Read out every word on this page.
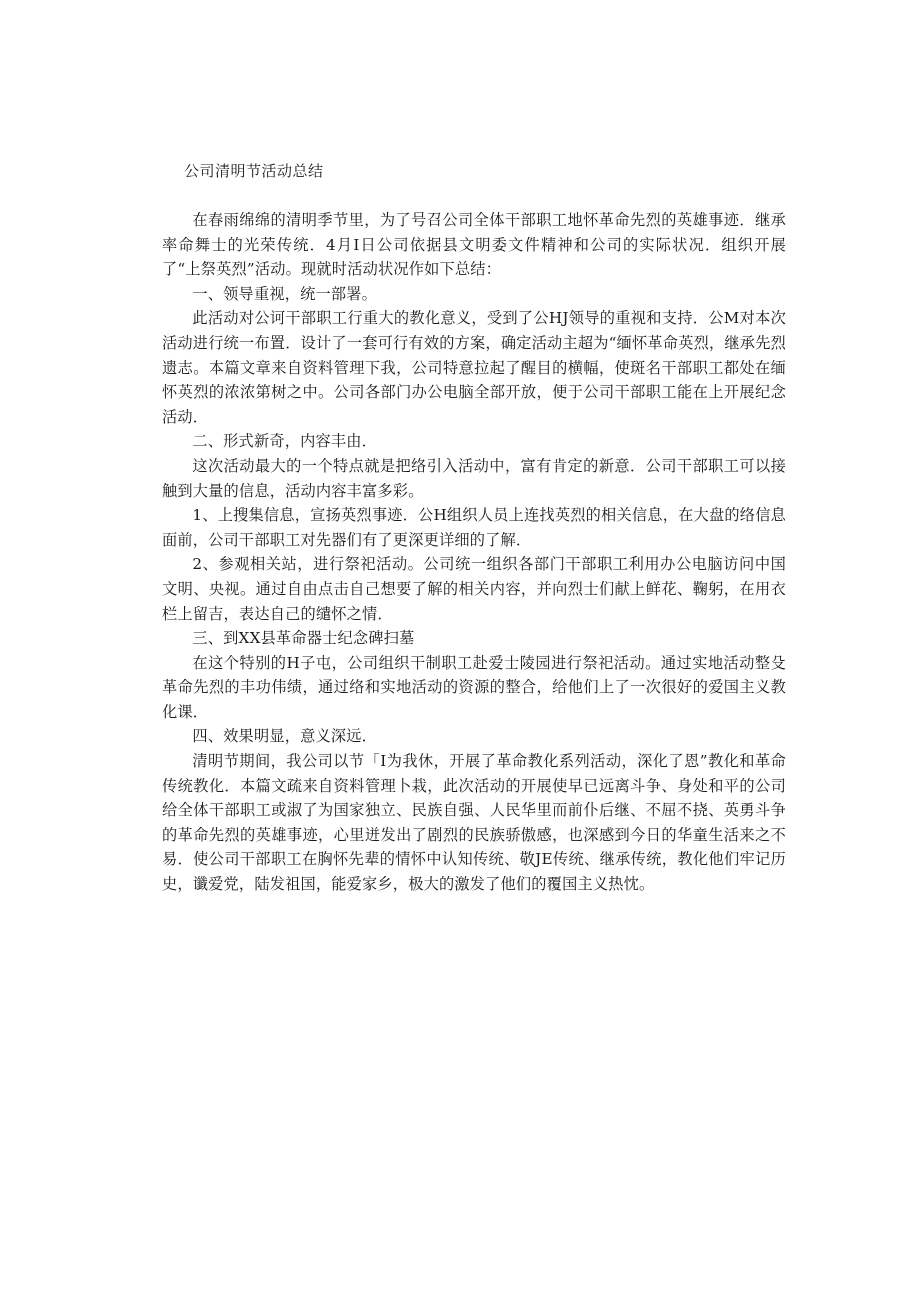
公司清明节活动总结

在春雨绵绵的清明季节里，为了号召公司全体干部职工地怀革命先烈的英雄事迹．继承率命舞士的光荣传统．4月I日公司依据县文明委文件精神和公司的实际状况．组织开展了“上祭英烈”活动。现就时活动状况作如下总结：

一、领导重视，统一部署。

此活动对公诃干部职工行重大的教化意义，受到了公HJ领导的重视和支持．公M对本次活动进行统一布置．设计了一套可行有效的方案，确定活动主超为“缅怀革命英烈，继承先烈遗志。本篇文章来自资料管理下我，公司特意拉起了醒目的横幅，使斑名干部职工都处在缅怀英烈的浓浓第树之中。公司各部门办公电脑全部开放，便于公司干部职工能在上开展纪念活动．

二、形式新奇，内容丰由．

这次活动最大的一个特点就是把络引入活动中，富有肯定的新意．公司干部职工可以接触到大量的信息，活动内容丰富多彩。

1、上搜集信息，宣扬英烈事迹．公H组织人员上连找英烈的相关信息，在大盘的络信息面前，公司干部职工对先器们有了更深更详细的了解．

2、参观相关站，进行祭祀活动。公司统一组织各部门干部职工利用办公电脑访问中国文明、央视。通过自由点击自己想要了解的相关内容，并向烈士们献上鲜花、鞠躬，在用衣栏上留吉，表达自己的缱怀之情．

三、到XX县革命器士纪念碑扫墓

在这个特别的H子屯，公司组织干制职工赴爱士陵园进行祭祀活动。通过实地活动整殳革命先烈的丰功伟绩，通过络和实地活动的资源的整合，给他们上了一次很好的爱国主义教化课．

四、效果明显，意义深远．

清明节期间，我公司以节「I为我休，开展了革命教化系列活动，深化了恩”教化和革命传统教化．本篇文疏来自资料管理卜栽，此次活动的开展使早已远离斗争、身处和平的公司给全体干部职工或淑了为国家独立、民族自强、人民华里而前仆后继、不屈不挠、英勇斗争的革命先烈的英雄事迹，心里迸发出了剧烈的民族骄傲感，也深感到今日的华童生活来之不易．使公司干部职工在胸怀先辈的情怀中认知传统、敬JE传统、继承传统，教化他们牢记历史，谶爱党，陆发祖国，能爱家乡，极大的激发了他们的覆国主义热忱。
